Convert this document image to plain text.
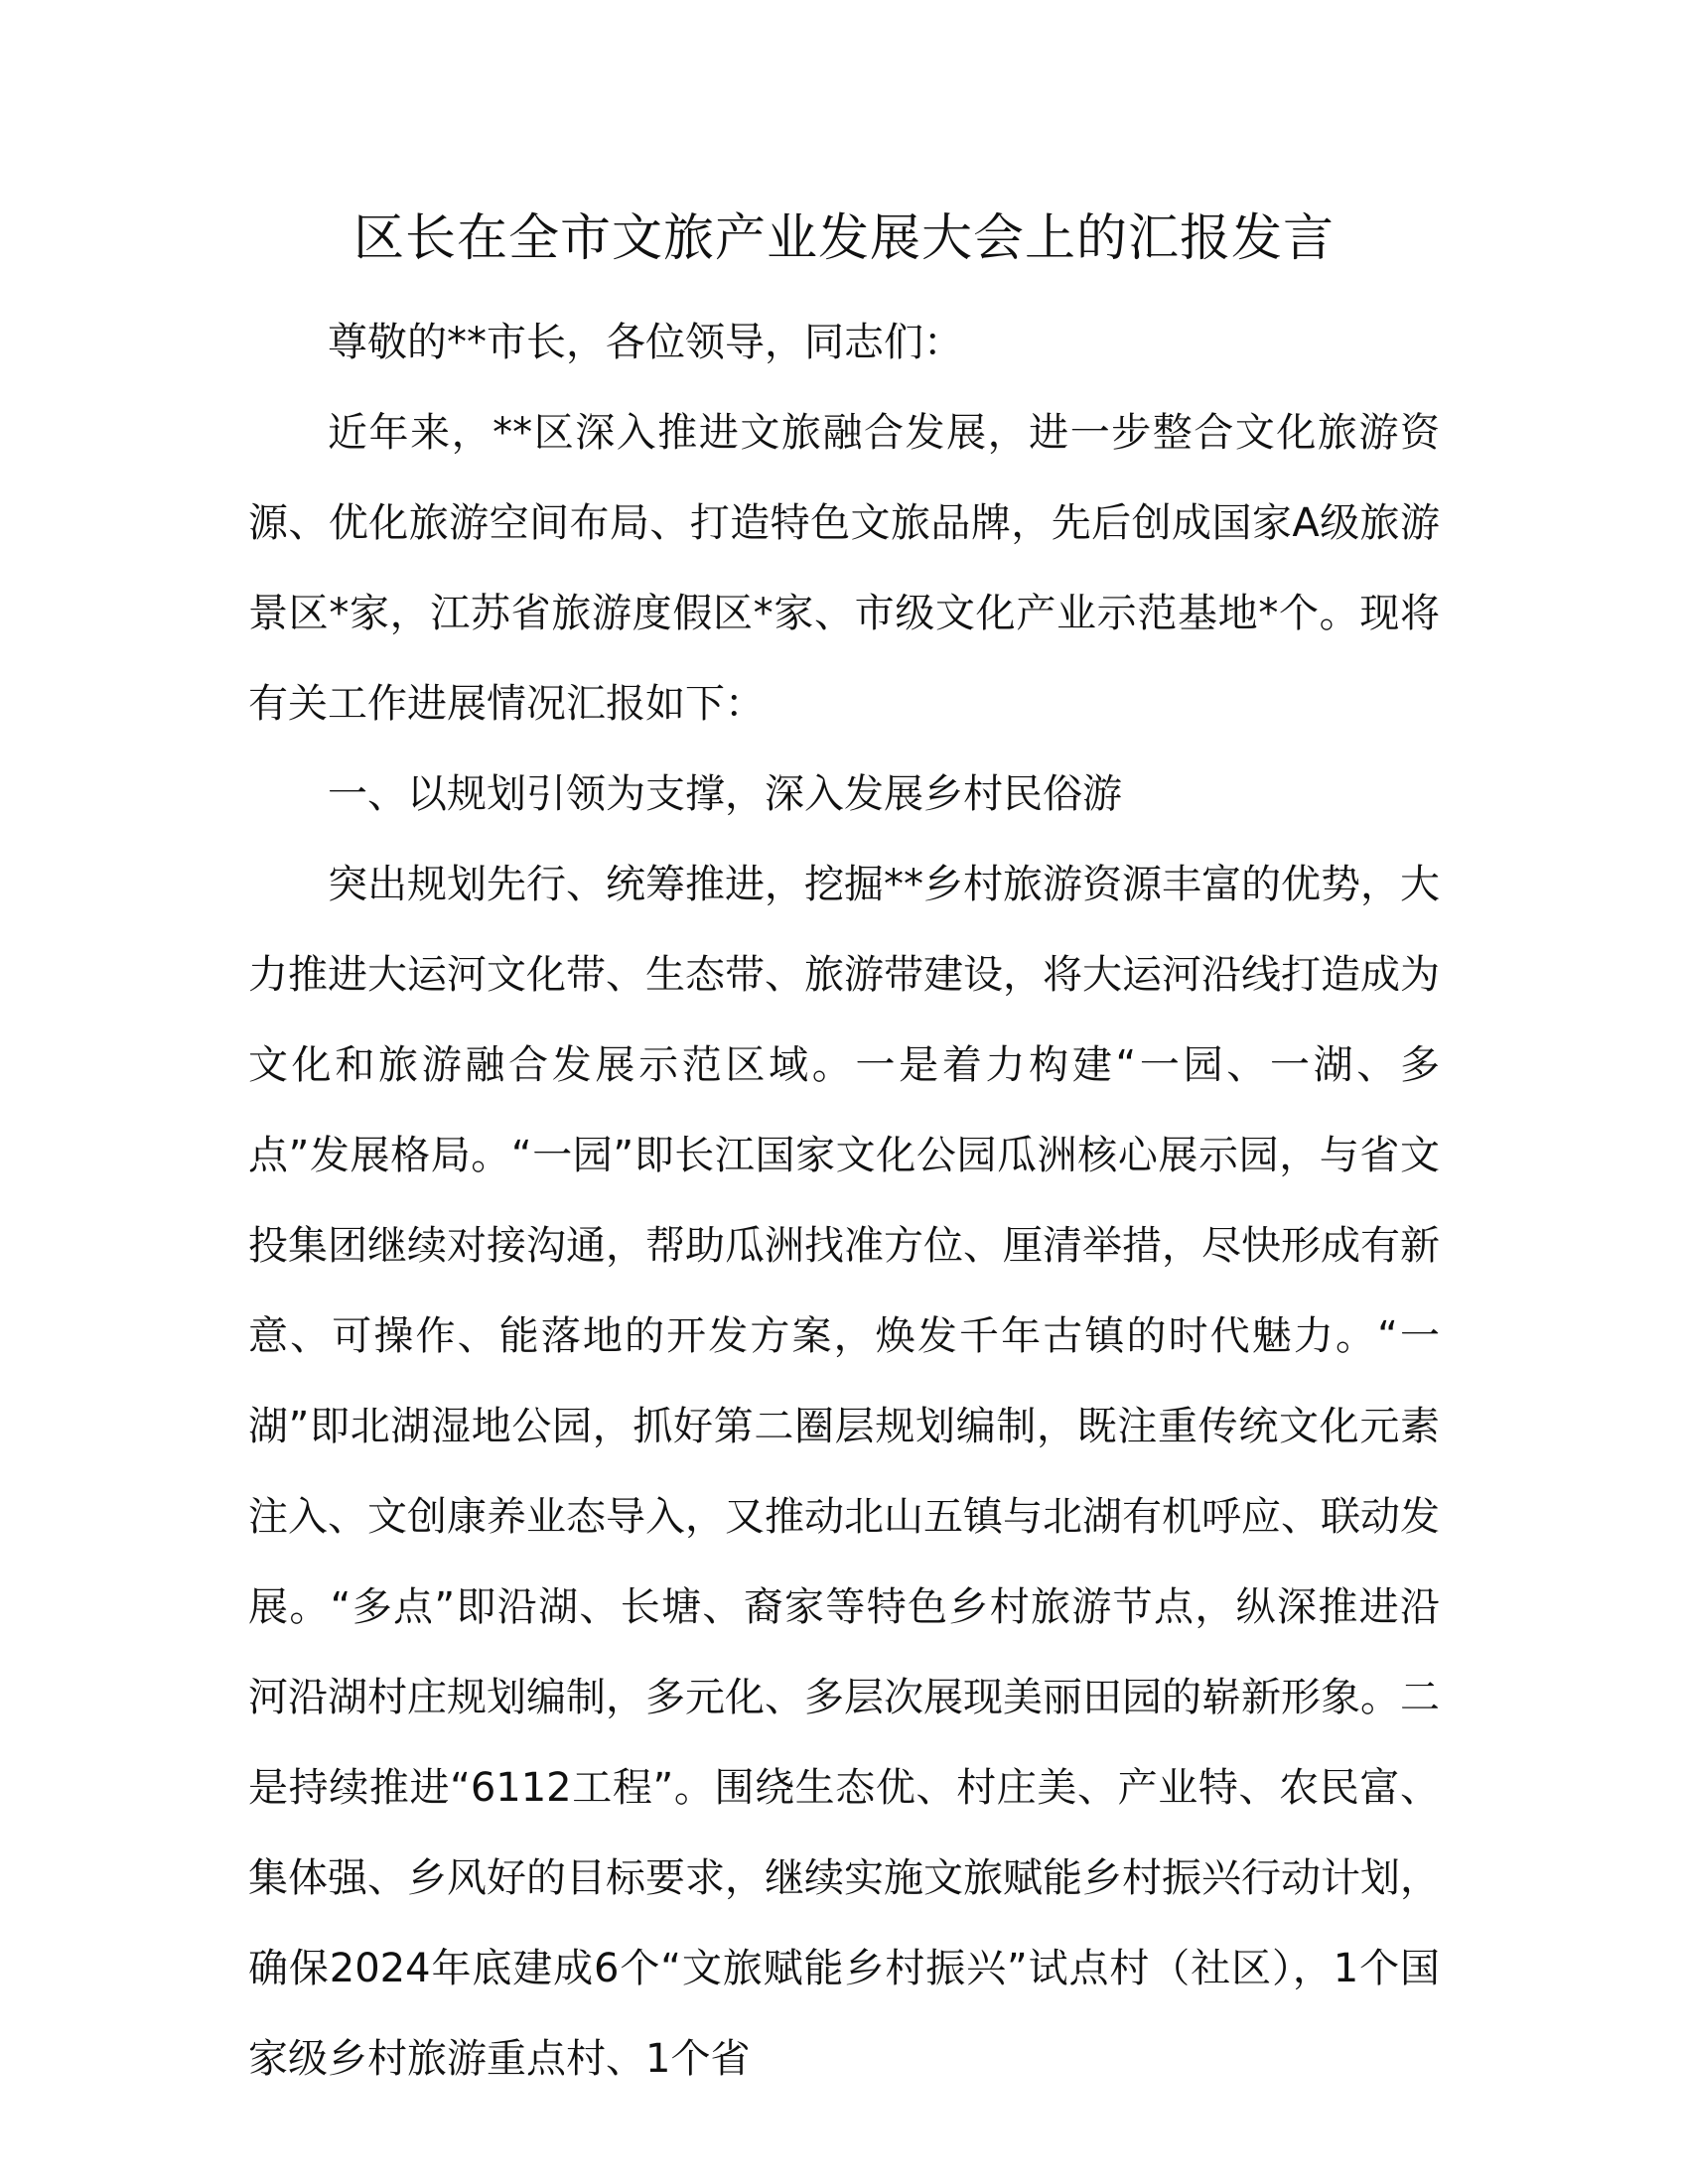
区长在全市文旅产业发展大会上的汇报发言

尊敬的**市长，各位领导，同志们：

近年来，**区深入推进文旅融合发展，进一步整合文化旅游资源、优化旅游空间布局、打造特色文旅品牌，先后创成国家A级旅游景区*家，江苏省旅游度假区*家、市级文化产业示范基地*个。现将有关工作进展情况汇报如下：

一、以规划引领为支撑，深入发展乡村民俗游

突出规划先行、统筹推进，挖掘**乡村旅游资源丰富的优势，大力推进大运河文化带、生态带、旅游带建设，将大运河沿线打造成为文化和旅游融合发展示范区域。一是着力构建“一园、一湖、多点”发展格局。“一园”即长江国家文化公园瓜洲核心展示园，与省文投集团继续对接沟通，帮助瓜洲找准方位、厘清举措，尽快形成有新意、可操作、能落地的开发方案，焕发千年古镇的时代魅力。“一湖”即北湖湿地公园，抓好第二圈层规划编制，既注重传统文化元素注入、文创康养业态导入，又推动北山五镇与北湖有机呼应、联动发展。“多点”即沿湖、长塘、裔家等特色乡村旅游节点，纵深推进沿河沿湖村庄规划编制，多元化、多层次展现美丽田园的崭新形象。二是持续推进“6112工程”。围绕生态优、村庄美、产业特、农民富、集体强、乡风好的目标要求，继续实施文旅赋能乡村振兴行动计划，确保2024年底建成6个“文旅赋能乡村振兴”试点村（社区），1个国家级乡村旅游重点村、1个省
